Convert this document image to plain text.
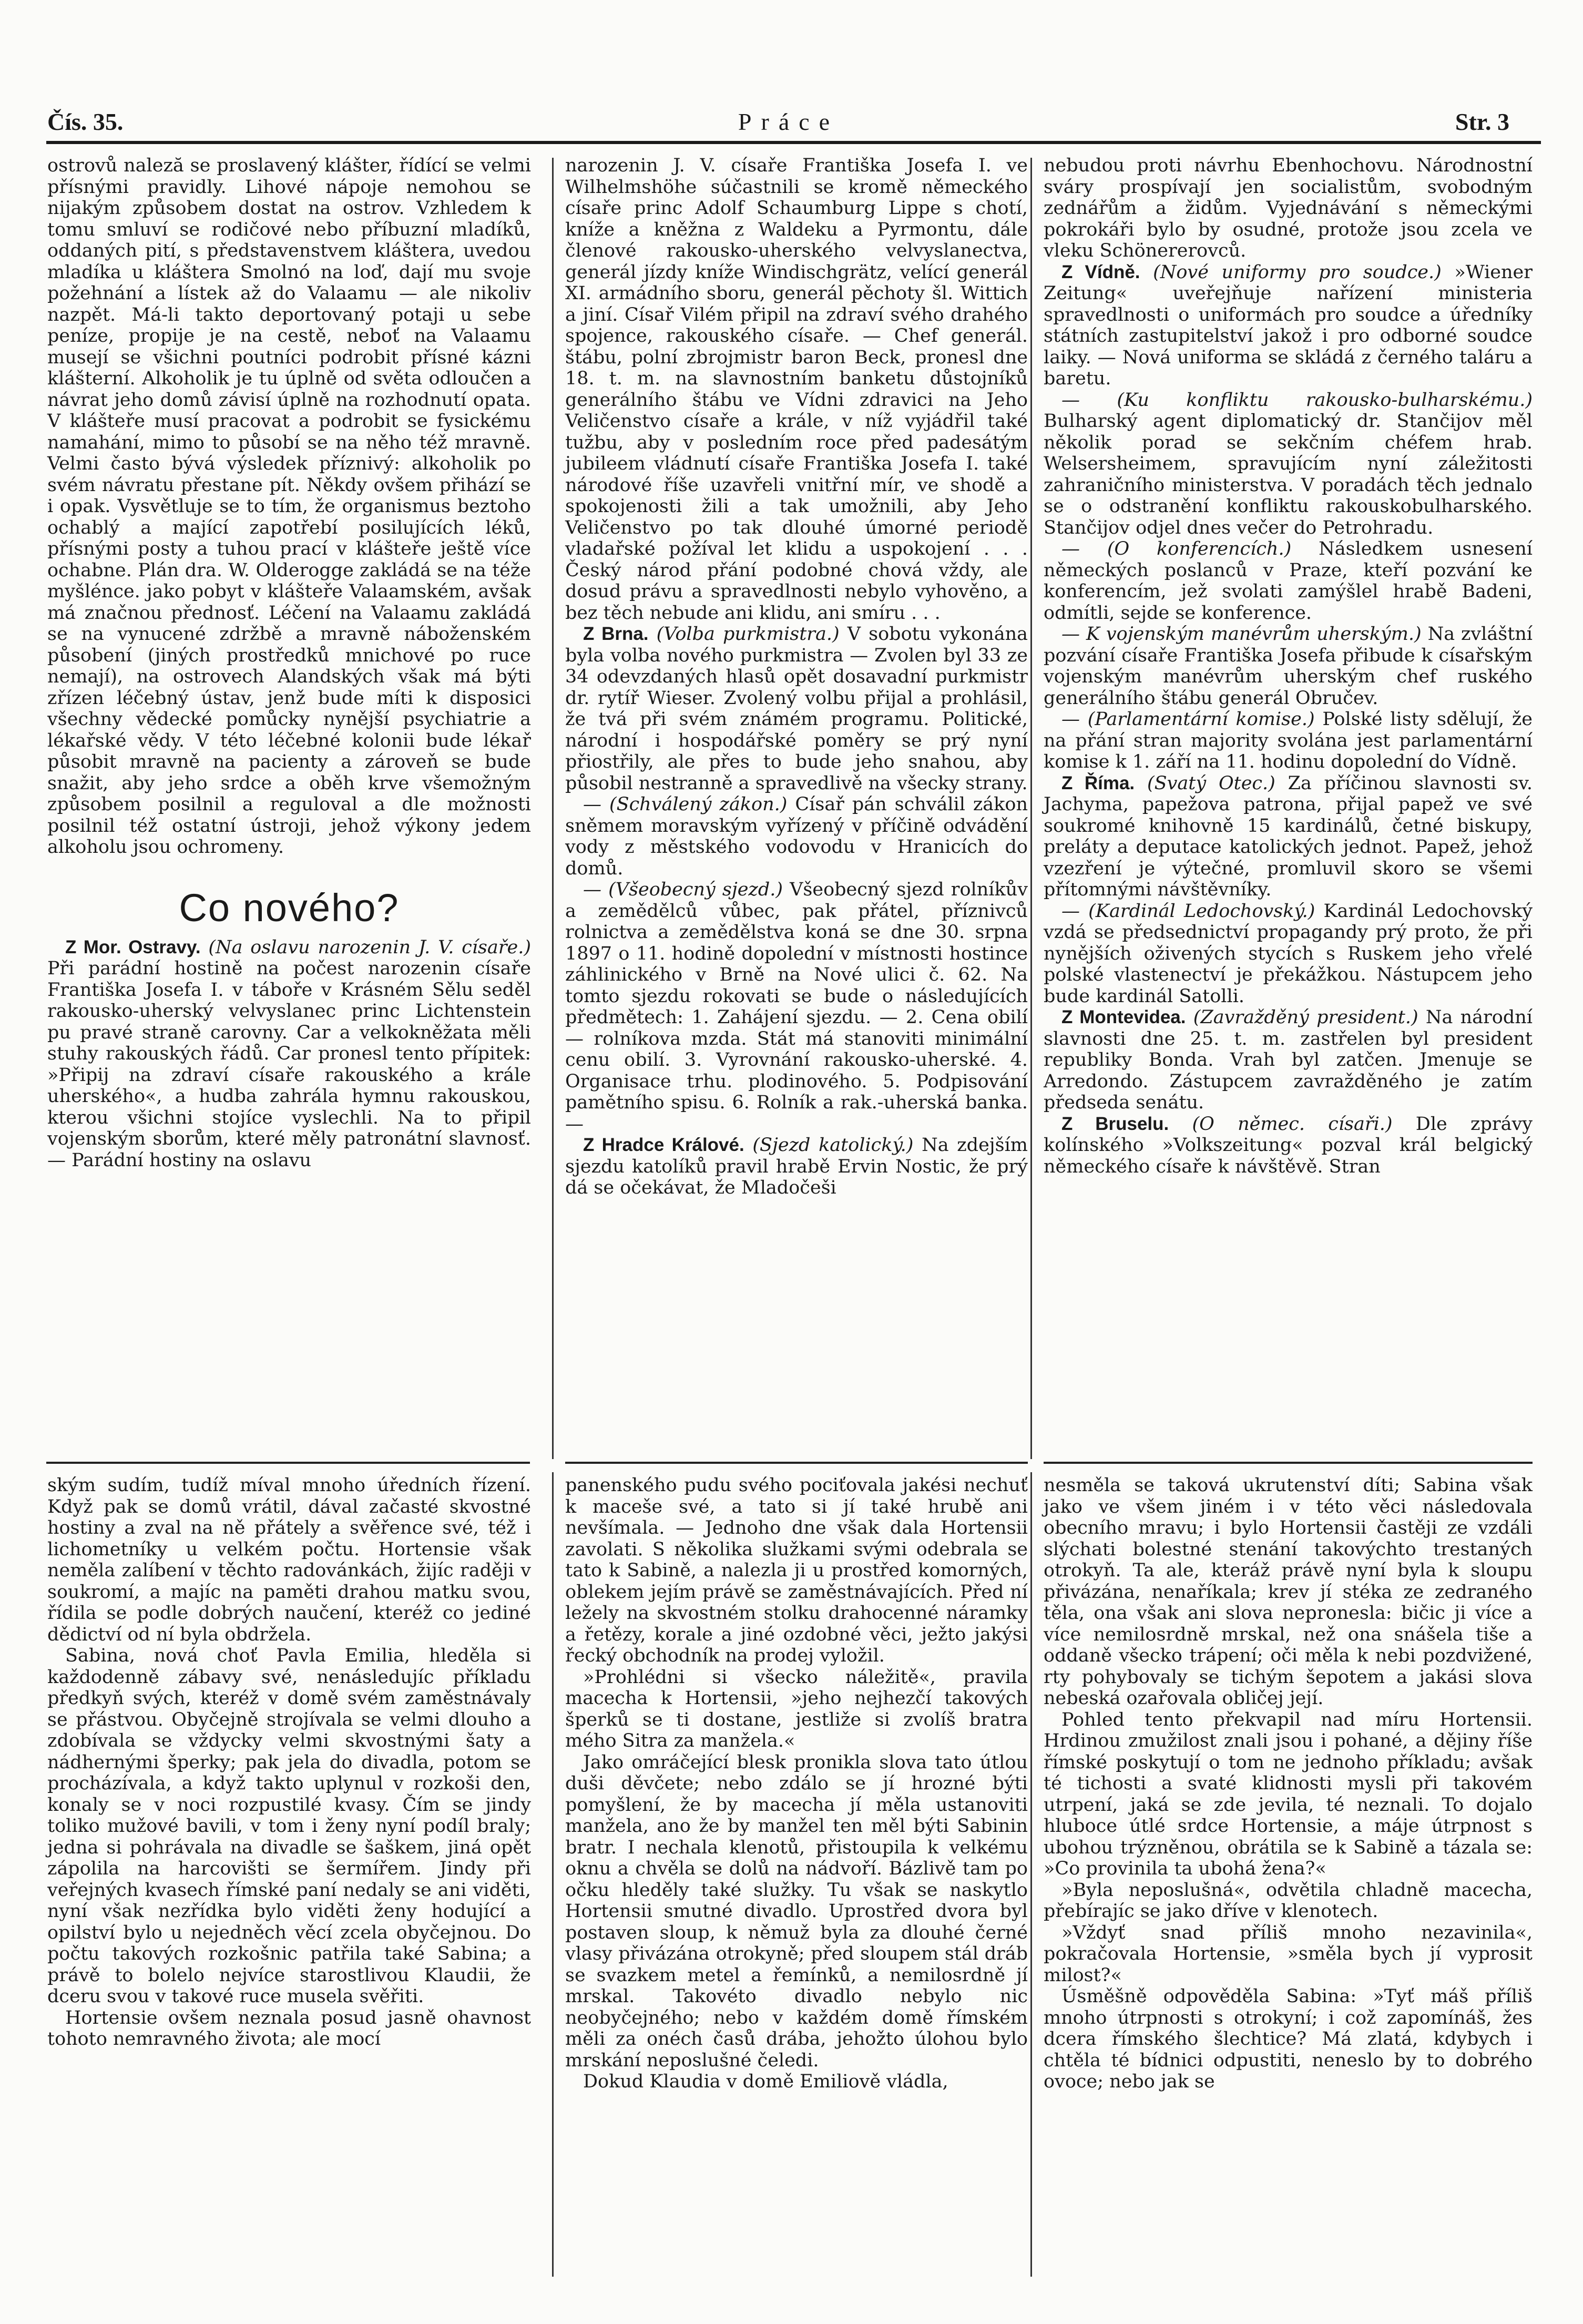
Čís. 35.	Práce	Str. 3

ostrovů naleză se proslavený klášter, řídící se velmi přísnými pravidly. Lihové nápoje nemohou se nijakým způsobem dostat na ostrov. Vzhledem k tomu smluví se rodičové nebo příbuzní mladíků, oddaných pití, s představenstvem kláštera, uvedou mladíka u kláštera Smolnó na loď, dají mu svoje požehnání a lístek až do Valaamu — ale nikoliv nazpět. Má-li takto deportovaný potaji u sebe peníze, propije je na cestě, neboť na Valaamu musejí se všichni poutníci podrobit přísné kázni klášterní. Alkoholik je tu úplně od světa odloučen a návrat jeho domů závisí úplně na rozhodnutí opata. V klášteře musí pracovat a podrobit se fysickému namahání, mimo to působí se na něho též mravně. Velmi často bývá výsledek příznivý: alkoholik po svém návratu přestane pít. Někdy ovšem přihází se i opak. Vysvětluje se to tím, že organismus beztoho ochablý a mající zapotřebí posilujících léků, přísnými posty a tuhou prací v klášteře ještě více ochabne. Plán dra. W. Olderogge zakládá se na téže myšlénce. jako pobyt v klášteře Valaamském, avšak má značnou přednosť. Léčení na Valaamu zakládá se na vynucené zdržbě a mravně náboženském působení (jiných prostředků mnichové po ruce nemají), na ostrovech Alandských však má býti zřízen léčebný ústav, jenž bude míti k disposici všechny vědecké pomůcky nynější psychiatrie a lékařské vědy. V této léčebné kolonii bude lékař působit mravně na pacienty a zároveň se bude snažit, aby jeho srdce a oběh krve všemožným způsobem posilnil a reguloval a dle možnosti posilnil též ostatní ústroji, jehož výkony jedem alkoholu jsou ochromeny.

Co nového?

Z Mor. Ostravy. (Na oslavu narozenin J. V. císaře.) Při parádní hostině na počest narozenin císaře Františka Josefa I. v táboře v Krásném Sělu seděl rakousko-uherský velvyslanec princ Lichtenstein pu pravé straně carovny. Car a velkokněžata měli stuhy rakouských řádů. Car pronesl tento přípitek: »Připij na zdraví císaře rakouského a krále uherského«, a hudba zahrála hymnu rakouskou, kterou všichni stojíce vyslechli. Na to připil vojenským sborům, které měly patronátní slavnosť. — Parádní hostiny na oslavu

narozenin J. V. císaře Františka Josefa I. ve Wilhelmshöhe súčastnili se kromě německého císaře princ Adolf Schaumburg Lippe s chotí, kníže a kněžna z Waldeku a Pyrmontu, dále členové rakousko-uherského velvyslanectva, generál jízdy kníže Windischgrätz, velící generál XI. armádního sboru, generál pěchoty šl. Wittich a jiní. Císař Vilém připil na zdraví svého drahého spojence, rakouského císaře. — Chef generál. štábu, polní zbrojmistr baron Beck, pronesl dne 18. t. m. na slavnostním banketu důstojníků generálního štábu ve Vídni zdravici na Jeho Veličenstvo císaře a krále, v níž vyjádřil také tužbu, aby v posledním roce před padesátým jubileem vládnutí císaře Františka Josefa I. také národové říše uzavřeli vnitřní mír, ve shodě a spokojenosti žili a tak umožnili, aby Jeho Veličenstvo po tak dlouhé úmorné periodě vladařské požíval let klidu a uspokojení . . . Český národ přání podobné chová vždy, ale dosud právu a spravedlnosti nebylo vyhověno, a bez těch nebude ani klidu, ani smíru . . .

Z Brna. (Volba purkmistra.) V sobotu vykonána byla volba nového purkmistra — Zvolen byl 33 ze 34 odevzdaných hlasů opět dosavadní purkmistr dr. rytíř Wieser. Zvolený volbu přijal a prohlásil, že tvá při svém známém programu. Politické, národní i hospodářské poměry se prý nyní přiostřily, ale přes to bude jeho snahou, aby působil nestranně a spravedlivě na všecky strany.

— (Schválený zákon.) Císař pán schválil zákon sněmem moravským vyřízený v příčině odvádění vody z městského vodovodu v Hranicích do domů.

— (Všeobecný sjezd.) Všeobecný sjezd rolníkův a zemědělců vůbec, pak přátel, příznivců rolnictva a zemědělstva koná se dne 30. srpna 1897 o 11. hodině dopolední v místnosti hostince záhlinického v Brně na Nové ulici č. 62. Na tomto sjezdu rokovati se bude o následujících předmětech: 1. Zahájení sjezdu. — 2. Cena obilí — rolníkova mzda. Stát má stanoviti minimální cenu obilí. 3. Vyrovnání rakousko-uherské. 4. Organisace trhu. plodinového. 5. Podpisování pamětního spisu. 6. Rolník a rak.-uherská banka. —

Z Hradce Králové. (Sjezd katolický.) Na zdejším sjezdu katolíků pravil hrabě Ervin Nostic, že prý dá se očekávat, že Mladočeši

nebudou proti návrhu Ebenhochovu. Národnostní sváry prospívají jen socialistům, svobodným zednářům a židům. Vyjednávání s německými pokrokáři bylo by osudné, protože jsou zcela ve vleku Schönererovců.

Z Vídně. (Nové uniformy pro soudce.) »Wiener Zeitung« uveřejňuje nařízení ministeria spravedlnosti o uniformách pro soudce a úředníky státních zastupitelství jakož i pro odborné soudce laiky. — Nová uniforma se skládá z černého taláru a baretu.

— (Ku konfliktu rakousko-bulharskému.) Bulharský agent diplomatický dr. Stančijov měl několik porad se sekčním chéfem hrab. Welsersheimem, spravujícím nyní záležitosti zahraničního ministerstva. V poradách těch jednalo se o odstranění konfliktu rakouskobulharského. Stančijov odjel dnes večer do Petrohradu.

— (O konferencích.) Následkem usnesení německých poslanců v Praze, kteří pozvání ke konferencím, jež svolati zamýšlel hrabě Badeni, odmítli, sejde se konference.

— K vojenským manévrům uherským.) Na zvláštní pozvání císaře Františka Josefa přibude k císařským vojenským manévrům uherským chef ruského generálního štábu generál Obručev.

— (Parlamentární komise.) Polské listy sdělují, že na přání stran majority svolána jest parlamentární komise k 1. září na 11. hodinu dopolední do Vídně.

Z Říma. (Svatý Otec.) Za příčinou slavnosti sv. Jachyma, papežova patrona, přijal papež ve své soukromé knihovně 15 kardinálů, četné biskupy, preláty a deputace katolických jednot. Papež, jehož vzezření je výtečné, promluvil skoro se všemi přítomnými návštěvníky.

— (Kardinál Ledochovský.) Kardinál Ledochovský vzdá se předsednictví propagandy prý proto, že při nynějších oživených stycích s Ruskem jeho vřelé polské vlastenectví je překážkou. Nástupcem jeho bude kardinál Satolli.

Z Montevidea. (Zavražděný president.) Na národní slavnosti dne 25. t. m. zastřelen byl president republiky Bonda. Vrah byl zatčen. Jmenuje se Arredondo. Zástupcem zavražděného je zatím předseda senátu.

Z Bruselu. (O němec. císaři.) Dle zprávy kolínského »Volkszeitung« pozval král belgický německého císaře k návštěvě. Stran

ským sudím, tudíž míval mnoho úředních řízení. Když pak se domů vrátil, dával začasté skvostné hostiny a zval na ně přátely a svěřence své, též i lichometníky u velkém počtu. Hortensie však neměla zalíbení v těchto radovánkách, žijíc raději v soukromí, a majíc na paměti drahou matku svou, řídila se podle dobrých naučení, kteréž co jediné dědictví od ní byla obdržela.

Sabina, nová choť Pavla Emilia, hleděla si každodenně zábavy své, nenásledujíc příkladu předkyň svých, kteréž v domě svém zaměstnávaly se přástvou. Obyčejně strojívala se velmi dlouho a zdobívala se vždycky velmi skvostnými šaty a nádhernými šperky; pak jela do divadla, potom se procházívala, a když takto uplynul v rozkoši den, konaly se v noci rozpustilé kvasy. Čím se jindy toliko mužové bavili, v tom i ženy nyní podíl braly; jedna si pohrávala na divadle se šaškem, jiná opět zápolila na harcovišti se šermířem. Jindy při veřejných kvasech římské paní nedaly se ani viděti, nyní však nezřídka bylo viděti ženy hodující a opilství bylo u nejedněch věcí zcela obyčejnou. Do počtu takových rozkošnic patřila také Sabina; a právě to bolelo nejvíce starostlivou Klaudii, že dceru svou v takové ruce musela svěřiti.

Hortensie ovšem neznala posud jasně ohavnost tohoto nemravného života; ale mocí

panenského pudu svého pociťovala jakési nechuť k maceše své, a tato si jí také hrubě ani nevšímala. — Jednoho dne však dala Hortensii zavolati. S několika služkami svými odebrala se tato k Sabině, a nalezla ji u prostřed komorných, oblekem jejím právě se zaměstnávajících. Před ní ležely na skvostném stolku drahocenné náramky a řetězy, korale a jiné ozdobné věci, ježto jakýsi řecký obchodník na prodej vyložil.

»Prohlédni si všecko náležitě«, pravila macecha k Hortensii, »jeho nejhezčí takových šperků se ti dostane, jestliže si zvolíš bratra mého Sitra za manžela.«

Jako omráčející blesk pronikla slova tato útlou duši děvčete; nebo zdálo se jí hrozné býti pomyšlení, že by macecha jí měla ustanoviti manžela, ano že by manžel ten měl býti Sabinin bratr. I nechala klenotů, přistoupila k velkému oknu a chvěla se dolů na nádvoří. Bázlivě tam po očku hleděly také služky. Tu však se naskytlo Hortensii smutné divadlo. Uprostřed dvora byl postaven sloup, k němuž byla za dlouhé černé vlasy přivázána otrokyně; před sloupem stál dráb se svazkem metel a řemínků, a nemilosrdně jí mrskal. Takovéto divadlo nebylo nic neobyčejného; nebo v každém domě římském měli za onéch časů drába, jehožto úlohou bylo mrskání neposlušné čeledi.

Dokud Klaudia v domě Emiliově vládla,

nesměla se taková ukrutenství díti; Sabina však jako ve všem jiném i v této věci následovala obecního mravu; i bylo Hortensii častěji ze vzdáli slýchati bolestné stenání takovýchto trestaných otrokyň. Ta ale, kteráž právě nyní byla k sloupu přivázána, nenaříkala; krev jí stéka ze zedraného těla, ona však ani slova nepronesla: bičic ji více a více nemilosrdně mrskal, než ona snášela tiše a oddaně všecko trápení; oči měla k nebi pozdvižené, rty pohybovaly se tichým šepotem a jakási slova nebeská ozařovala obličej její.

Pohled tento překvapil nad míru Hortensii. Hrdinou zmužilost znali jsou i pohané, a dějiny říše římské poskytují o tom ne jednoho příkladu; avšak té tichosti a svaté klidnosti mysli při takovém utrpení, jaká se zde jevila, té neznali. To dojalo hluboce útlé srdce Hortensie, a máje útrpnost s ubohou trýzněnou, obrátila se k Sabině a tázala se: »Co provinila ta ubohá žena?«

»Byla neposlušná«, odvětila chladně macecha, přebírajíc se jako dříve v klenotech.

»Vždyť snad příliš mnoho nezavinila«, pokračovala Hortensie, »směla bych jí vyprosit milost?«

Úsměšně odpověděla Sabina: »Tyť máš příliš mnoho útrpnosti s otrokyní; i což zapomínáš, žes dcera římského šlechtice? Má zlatá, kdybych i chtěla té bídnici odpustiti, neneslo by to dobrého ovoce; nebo jak se
